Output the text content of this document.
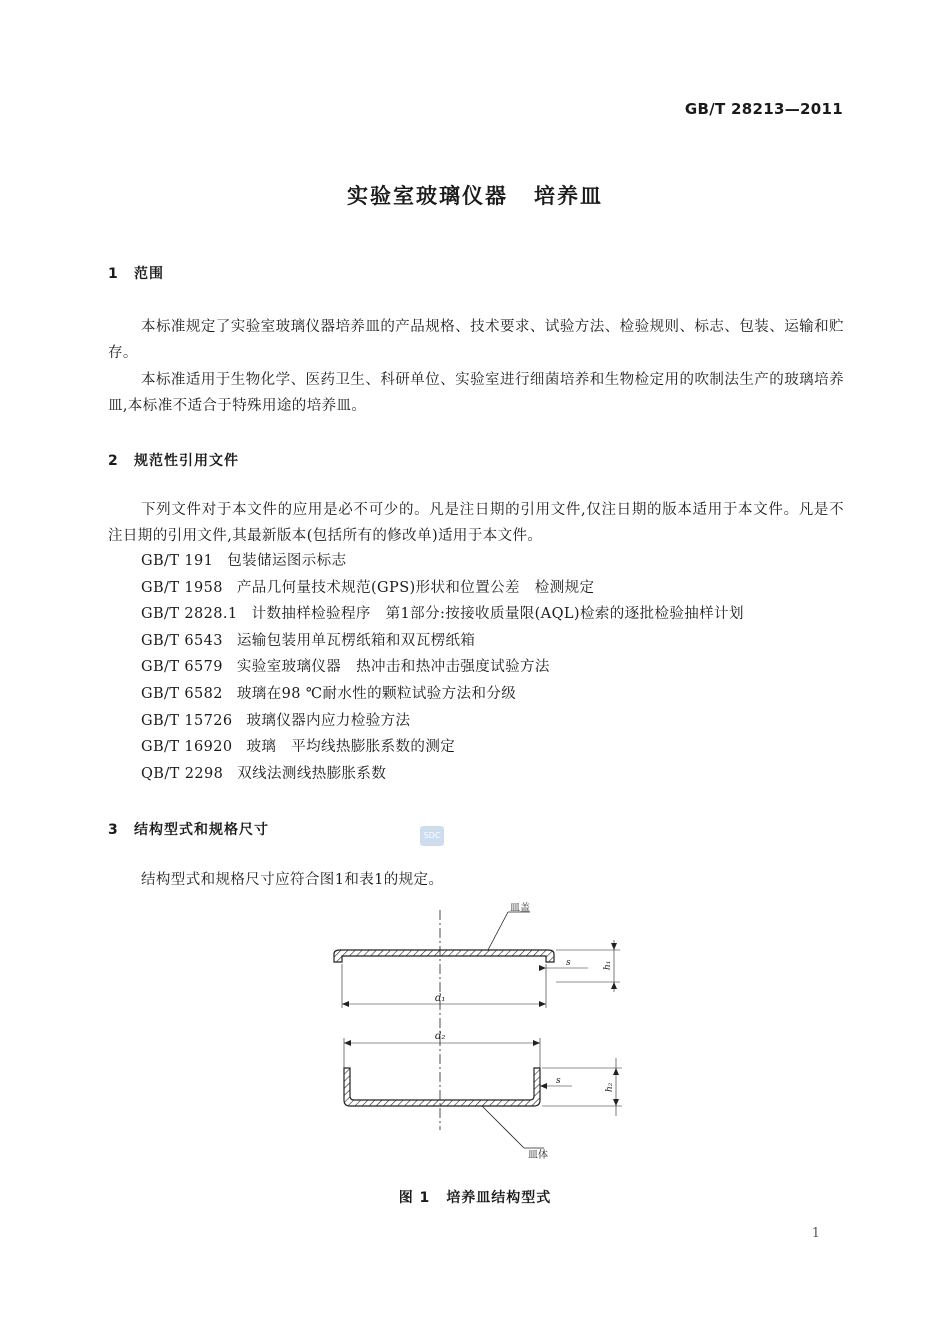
GB/T 28213—2011
实验室玻璃仪器 培养皿
1 范围
本标准规定了实验室玻璃仪器培养皿的产品规格、技术要求、试验方法、检验规则、标志、包装、运输和贮存。
本标准适用于生物化学、医药卫生、科研单位、实验室进行细菌培养和生物检定用的吹制法生产的玻璃培养皿,本标准不适合于特殊用途的培养皿。
2 规范性引用文件
下列文件对于本文件的应用是必不可少的。凡是注日期的引用文件,仅注日期的版本适用于本文件。凡是不注日期的引用文件,其最新版本(包括所有的修改单)适用于本文件。
GB/T 191 包装储运图示标志
GB/T 1958 产品几何量技术规范(GPS)形状和位置公差　检测规定
GB/T 2828.1 计数抽样检验程序　第1部分:按接收质量限(AQL)检索的逐批检验抽样计划
GB/T 6543 运输包装用单瓦楞纸箱和双瓦楞纸箱
GB/T 6579 实验室玻璃仪器　热冲击和热冲击强度试验方法
GB/T 6582 玻璃在98 ℃耐水性的颗粒试验方法和分级
GB/T 15726 玻璃仪器内应力检验方法
GB/T 16920 玻璃　平均线热膨胀系数的测定
QB/T 2298 双线法测线热膨胀系数
3 结构型式和规格尺寸	SDC
结构型式和规格尺寸应符合图1和表1的规定。
皿盖
h₁
s
d₁
d₂
h₂
s
皿体
图 1 培养皿结构型式
1
